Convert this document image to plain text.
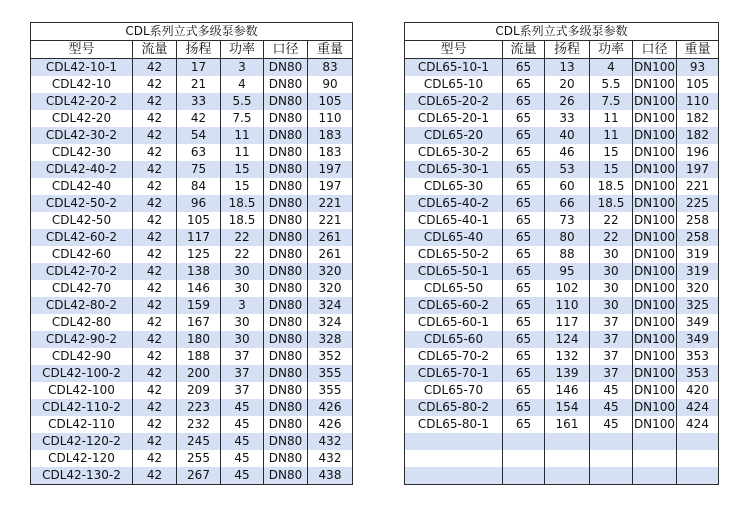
CDL系列立式多级泵参数					
型号	流量	扬程	功率	口径	重量
CDL42-10-1	42	17	3	DN80	83
CDL42-10	42	21	4	DN80	90
CDL42-20-2	42	33	5.5	DN80	105
CDL42-20	42	42	7.5	DN80	110
CDL42-30-2	42	54	11	DN80	183
CDL42-30	42	63	11	DN80	183
CDL42-40-2	42	75	15	DN80	197
CDL42-40	42	84	15	DN80	197
CDL42-50-2	42	96	18.5	DN80	221
CDL42-50	42	105	18.5	DN80	221
CDL42-60-2	42	117	22	DN80	261
CDL42-60	42	125	22	DN80	261
CDL42-70-2	42	138	30	DN80	320
CDL42-70	42	146	30	DN80	320
CDL42-80-2	42	159	3	DN80	324
CDL42-80	42	167	30	DN80	324
CDL42-90-2	42	180	30	DN80	328
CDL42-90	42	188	37	DN80	352
CDL42-100-2	42	200	37	DN80	355
CDL42-100	42	209	37	DN80	355
CDL42-110-2	42	223	45	DN80	426
CDL42-110	42	232	45	DN80	426
CDL42-120-2	42	245	45	DN80	432
CDL42-120	42	255	45	DN80	432
CDL42-130-2	42	267	45	DN80	438
CDL系列立式多级泵参数					
型号	流量	扬程	功率	口径	重量
CDL65-10-1	65	13	4	DN100	93
CDL65-10	65	20	5.5	DN100	105
CDL65-20-2	65	26	7.5	DN100	110
CDL65-20-1	65	33	11	DN100	182
CDL65-20	65	40	11	DN100	182
CDL65-30-2	65	46	15	DN100	196
CDL65-30-1	65	53	15	DN100	197
CDL65-30	65	60	18.5	DN100	221
CDL65-40-2	65	66	18.5	DN100	225
CDL65-40-1	65	73	22	DN100	258
CDL65-40	65	80	22	DN100	258
CDL65-50-2	65	88	30	DN100	319
CDL65-50-1	65	95	30	DN100	319
CDL65-50	65	102	30	DN100	320
CDL65-60-2	65	110	30	DN100	325
CDL65-60-1	65	117	37	DN100	349
CDL65-60	65	124	37	DN100	349
CDL65-70-2	65	132	37	DN100	353
CDL65-70-1	65	139	37	DN100	353
CDL65-70	65	146	45	DN100	420
CDL65-80-2	65	154	45	DN100	424
CDL65-80-1	65	161	45	DN100	424
